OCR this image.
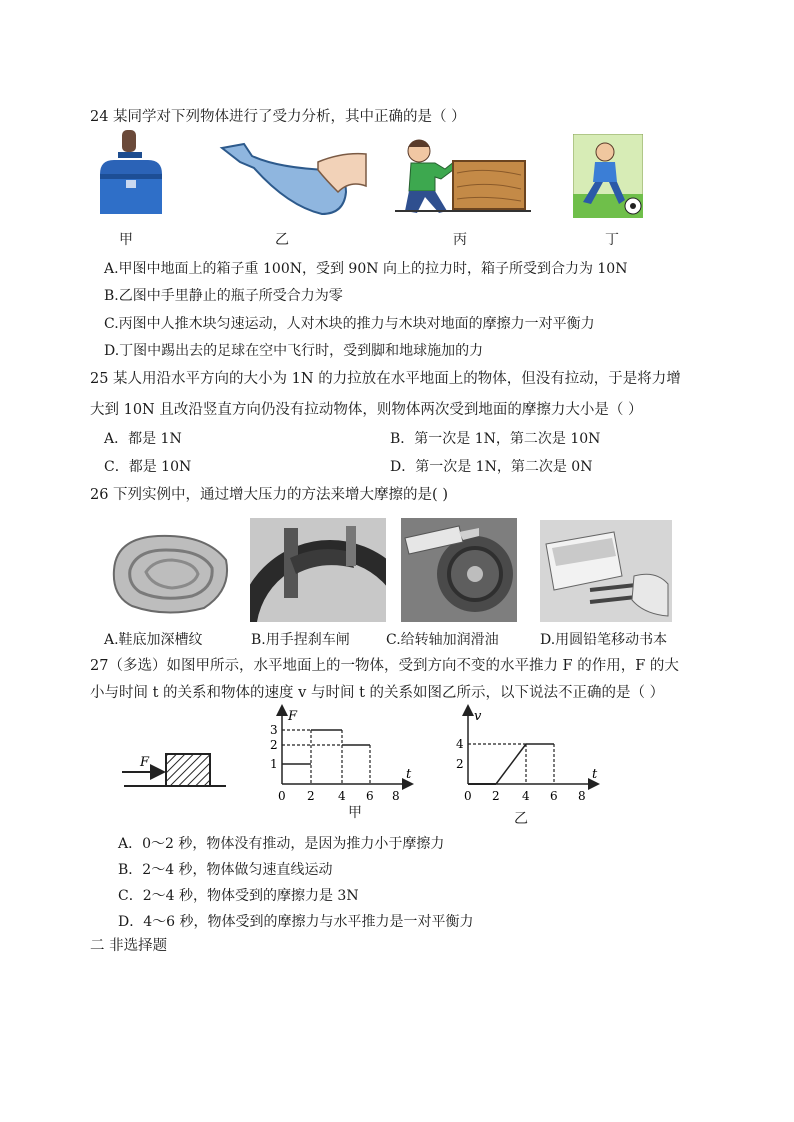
24 某同学对下列物体进行了受力分析，其中正确的是（ ）
甲	乙	丙	丁
A.甲图中地面上的箱子重 100N，受到 90N 向上的拉力时，箱子所受到合力为 10N
B.乙图中手里静止的瓶子所受合力为零
C.丙图中人推木块匀速运动，人对木块的推力与木块对地面的摩擦力一对平衡力
D.丁图中踢出去的足球在空中飞行时，受到脚和地球施加的力
25 某人用沿水平方向的大小为 1N 的力拉放在水平地面上的物体，但没有拉动，于是将力增
大到 10N 且改沿竖直方向仍没有拉动物体，则物体两次受到地面的摩擦力大小是（ ）
A．都是 1N	B．第一次是 1N，第二次是 10N
C．都是 10N	D．第一次是 1N，第二次是 0N
26 下列实例中，通过增大压力的方法来增大摩擦的是( )
A.鞋底加深槽纹	B.用手捏刹车闸	C.给转轴加润滑油	D.用圆铅笔移动书本
27（多选）如图甲所示，水平地面上的一物体，受到方向不变的水平推力 F 的作用，F 的大
小与时间 t 的关系和物体的速度 v 与时间 t 的关系如图乙所示，以下说法不正确的是（ ）
F
F
t
1
2
3
0 2 4 6 8
甲
v
t
2
4
0 2 4 6 8
乙
A．0～2 秒，物体没有推动，是因为推力小于摩擦力
B．2～4 秒，物体做匀速直线运动
C．2～4 秒，物体受到的摩擦力是 3N
D．4～6 秒，物体受到的摩擦力与水平推力是一对平衡力
二 非选择题
